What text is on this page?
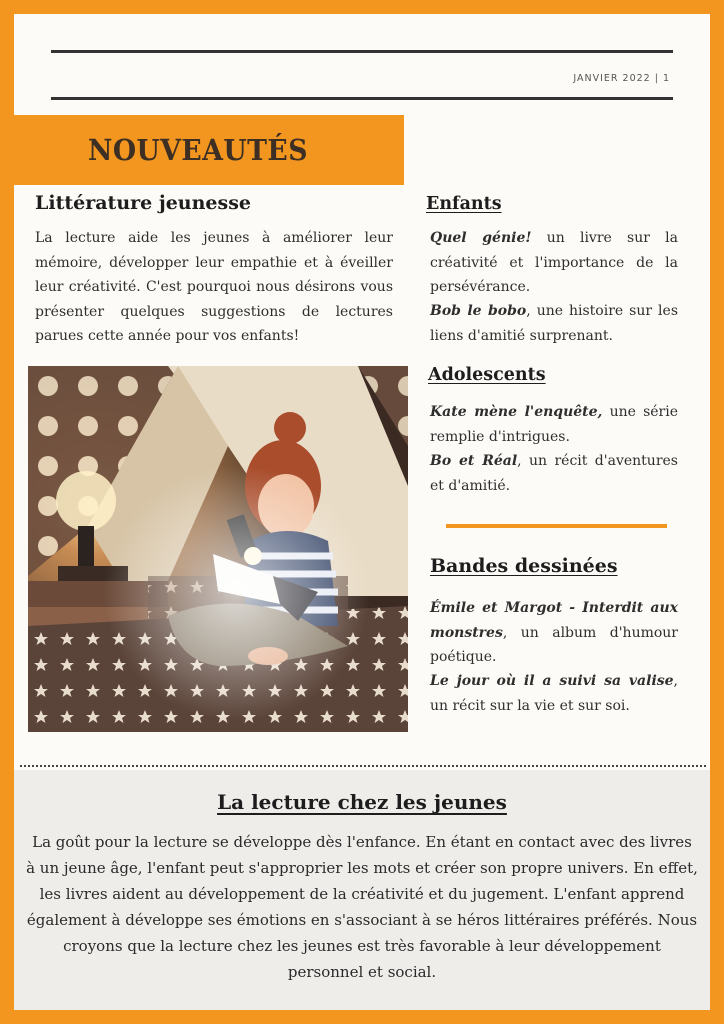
JANVIER 2022 | 1
NOUVEAUTÉS
Littérature jeunesse

La lecture aide les jeunes à améliorer leur mémoire, développer leur empathie et à éveiller leur créativité. C'est pourquoi nous désirons vous présenter quelques suggestions de lectures parues cette année pour vos enfants!

Enfants

Quel génie! un livre sur la créativité et l'importance de la persévérance.

Bob le bobo, une histoire sur les liens d'amitié surprenant.

Adolescents

Kate mène l'enquête, une série remplie d'intrigues.

Bo et Réal, un récit d'aventures et d'amitié.

Bandes dessinées

Émile et Margot - Interdit aux monstres, un album d'humour poétique.

Le jour où il a suivi sa valise, un récit sur la vie et sur soi.

La lecture chez les jeunes

La goût pour la lecture se développe dès l'enfance. En étant en contact avec des livres à un jeune âge, l'enfant peut s'approprier les mots et créer son propre univers. En effet, les livres aident au développement de la créativité et du jugement. L'enfant apprend également à développe ses émotions en s'associant à se héros littéraires préférés. Nous croyons que la lecture chez les jeunes est très favorable à leur développement personnel et social.
